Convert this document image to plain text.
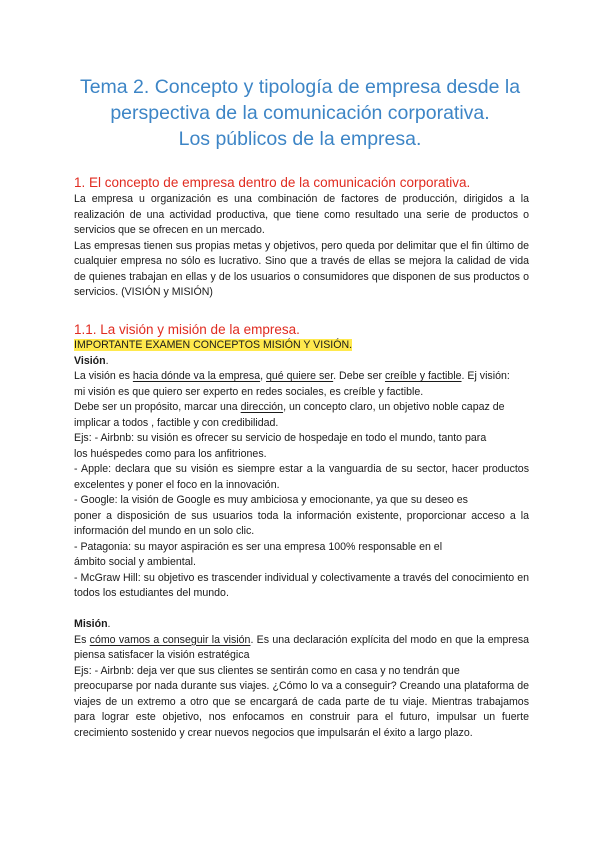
Tema 2. Concepto y tipología de empresa desde la
perspectiva de la comunicación corporativa.
Los públicos de la empresa.
1. El concepto de empresa dentro de la comunicación corporativa.

La empresa u organización es una combinación de factores de producción, dirigidos a la realización de una actividad productiva, que tiene como resultado una serie de productos o servicios que se ofrecen en un mercado.

Las empresas tienen sus propias metas y objetivos, pero queda por delimitar que el fin último de cualquier empresa no sólo es lucrativo. Sino que a través de ellas se mejora la calidad de vida de quienes trabajan en ellas y de los usuarios o consumidores que disponen de sus productos o servicios. (VISIÓN y MISIÓN)

1.1. La visión y misión de la empresa.

IMPORTANTE EXAMEN CONCEPTOS MISIÓN Y VISIÓN.

Visión.

La visión es hacia dónde va la empresa, qué quiere ser. Debe ser creíble y factible. Ej visión:

mi visión es que quiero ser experto en redes sociales, es creíble y factible.

Debe ser un propósito, marcar una dirección, un concepto claro, un objetivo noble capaz de

implicar a todos , factible y con credibilidad.

Ejs: - Airbnb: su visión es ofrecer su servicio de hospedaje en todo el mundo, tanto para

los huéspedes como para los anfitriones.

- Apple: declara que su visión es siempre estar a la vanguardia de su sector, hacer productos excelentes y poner el foco en la innovación.

- Google: la visión de Google es muy ambiciosa y emocionante, ya que su deseo es

poner a disposición de sus usuarios toda la información existente, proporcionar acceso a la información del mundo en un solo clic.

- Patagonia: su mayor aspiración es ser una empresa 100% responsable en el

ámbito social y ambiental.

- McGraw Hill: su objetivo es trascender individual y colectivamente a través del conocimiento en todos los estudiantes del mundo.

Misión.

Es cómo vamos a conseguir la visión. Es una declaración explícita del modo en que la empresa piensa satisfacer la visión estratégica

Ejs: - Airbnb: deja ver que sus clientes se sentirán como en casa y no tendrán que

preocuparse por nada durante sus viajes. ¿Cómo lo va a conseguir? Creando una plataforma de viajes de un extremo a otro que se encargará de cada parte de tu viaje. Mientras trabajamos para lograr este objetivo, nos enfocamos en construir para el futuro, impulsar un fuerte crecimiento sostenido y crear nuevos negocios que impulsarán el éxito a largo plazo.
